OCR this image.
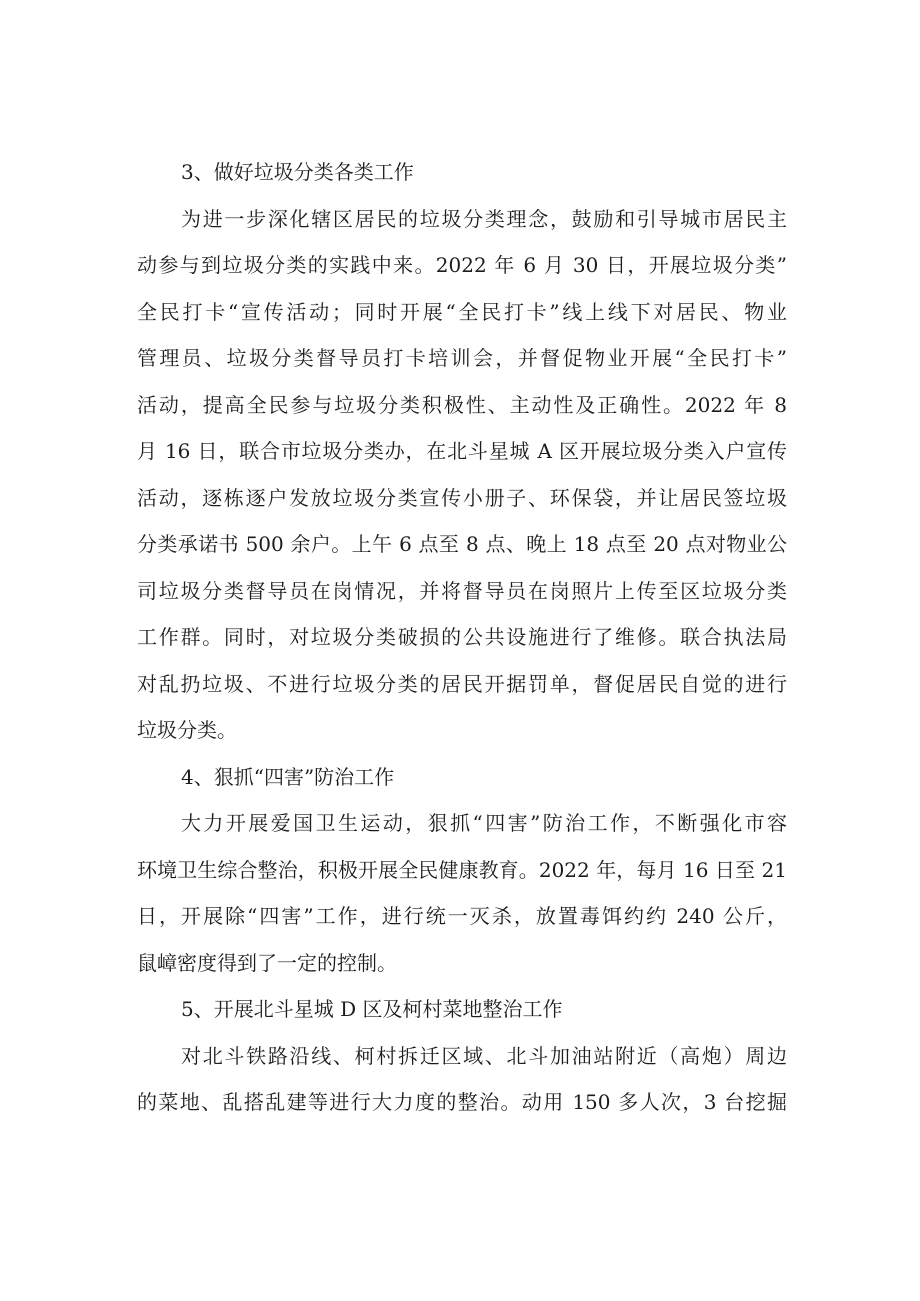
3、做好垃圾分类各类工作
为进一步深化辖区居民的垃圾分类理念，鼓励和引导城市居民主
动参与到垃圾分类的实践中来。2022 年 6 月 30 日，开展垃圾分类”
全民打卡“宣传活动；同时开展“全民打卡”线上线下对居民、物业
管理员、垃圾分类督导员打卡培训会，并督促物业开展“全民打卡”
活动，提高全民参与垃圾分类积极性、主动性及正确性。2022 年 8
月 16 日，联合市垃圾分类办，在北斗星城 A 区开展垃圾分类入户宣传
活动，逐栋逐户发放垃圾分类宣传小册子、环保袋，并让居民签垃圾
分类承诺书 500 余户。上午 6 点至 8 点、晚上 18 点至 20 点对物业公
司垃圾分类督导员在岗情况，并将督导员在岗照片上传至区垃圾分类
工作群。同时，对垃圾分类破损的公共设施进行了维修。联合执法局
对乱扔垃圾、不进行垃圾分类的居民开据罚单，督促居民自觉的进行
垃圾分类。
4、狠抓“四害”防治工作
大力开展爱国卫生运动，狠抓“四害”防治工作，不断强化市容
环境卫生综合整治，积极开展全民健康教育。2022 年，每月 16 日至 21
日，开展除“四害”工作，进行统一灭杀，放置毒饵约约 240 公斤，
鼠嶂密度得到了一定的控制。
5、开展北斗星城 D 区及柯村菜地整治工作
对北斗铁路沿线、柯村拆迁区域、北斗加油站附近（高炮）周边
的菜地、乱搭乱建等进行大力度的整治。动用 150 多人次，3 台挖掘
